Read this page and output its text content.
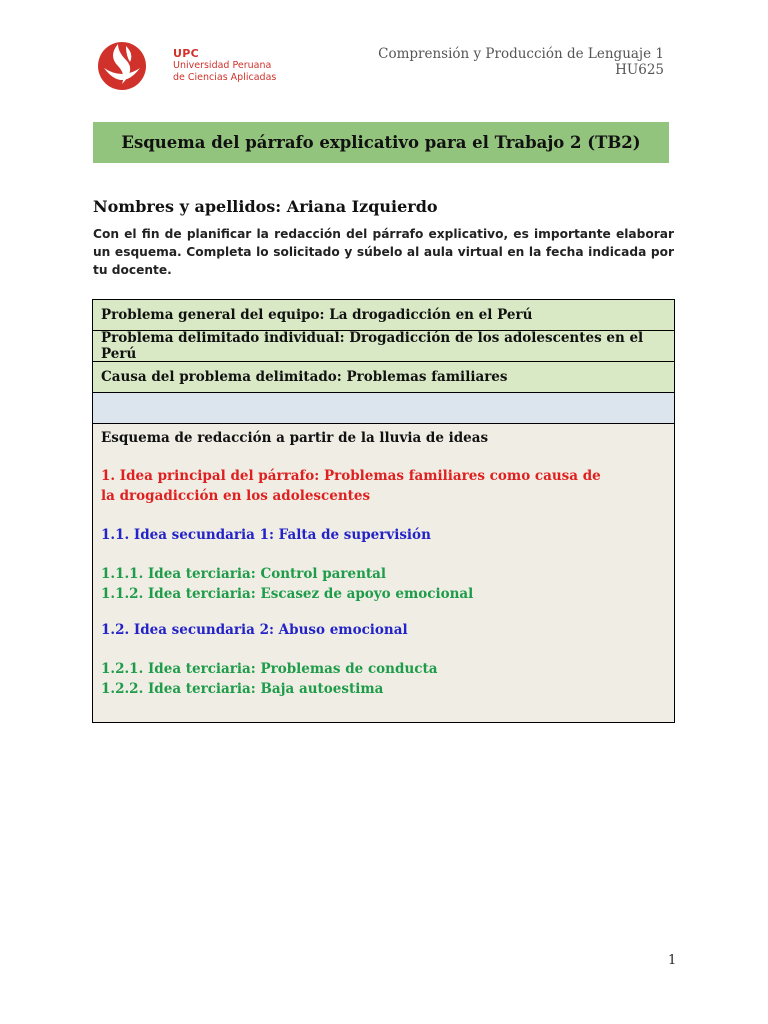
UPC
Universidad Peruana
de Ciencias Aplicadas
Comprensión y Producción de Lenguaje 1
HU625
Esquema del párrafo explicativo para el Trabajo 2 (TB2)
Nombres y apellidos: Ariana Izquierdo
Con el fin de planificar la redacción del párrafo explicativo, es importante elaborar un esquema. Completa lo solicitado y súbelo al aula virtual en la fecha indicada por tu docente.
Problema general del equipo: La drogadicción en el Perú
Problema delimitado individual: Drogadicción de los adolescentes en el Perú
Causa del problema delimitado: Problemas familiares
Esquema de redacción a partir de la lluvia de ideas
1. Idea principal del párrafo: Problemas familiares como causa de
la drogadicción en los adolescentes
1.1. Idea secundaria 1: Falta de supervisión
1.1.1. Idea terciaria: Control parental
1.1.2. Idea terciaria: Escasez de apoyo emocional
1.2. Idea secundaria 2: Abuso emocional
1.2.1. Idea terciaria: Problemas de conducta
1.2.2. Idea terciaria: Baja autoestima
1
